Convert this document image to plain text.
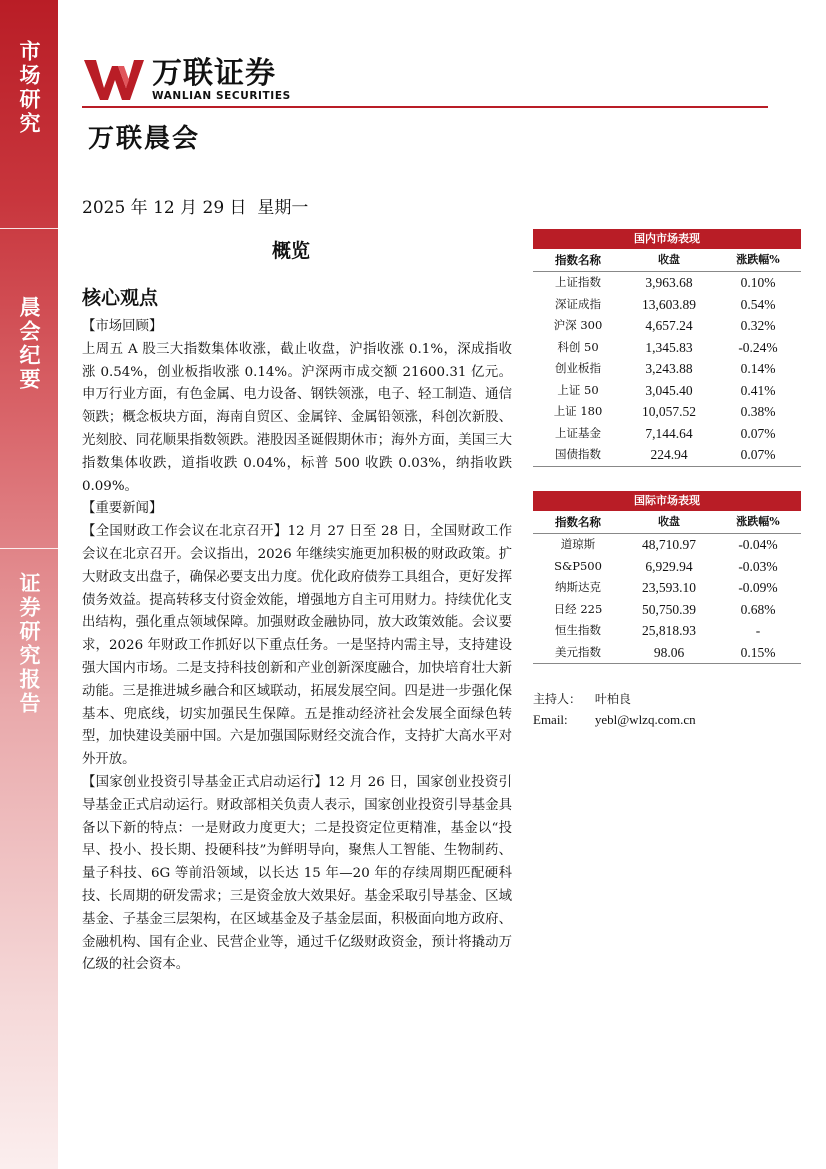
市场研究
晨会纪要
证券研究报告
万联证券
WANLIAN SECURITIES
万联晨会
2025 年 12 月 29 日  星期一
概览
核心观点

【市场回顾】

上周五 A 股三大指数集体收涨，截止收盘，沪指收涨 0.1%，深成指收涨 0.54%，创业板指收涨 0.14%。沪深两市成交额 21600.31 亿元。申万行业方面，有色金属、电力设备、钢铁领涨，电子、轻工制造、通信领跌；概念板块方面，海南自贸区、金属锌、金属铅领涨，科创次新股、光刻胶、同花顺果指数领跌。港股因圣诞假期休市；海外方面，美国三大指数集体收跌，道指收跌 0.04%，标普 500 收跌 0.03%，纳指收跌 0.09%。

【重要新闻】

【全国财政工作会议在北京召开】12 月 27 日至 28 日，全国财政工作会议在北京召开。会议指出，2026 年继续实施更加积极的财政政策。扩大财政支出盘子，确保必要支出力度。优化政府债券工具组合，更好发挥债务效益。提高转移支付资金效能，增强地方自主可用财力。持续优化支出结构，强化重点领域保障。加强财政金融协同，放大政策效能。会议要求，2026 年财政工作抓好以下重点任务。一是坚持内需主导，支持建设强大国内市场。二是支持科技创新和产业创新深度融合，加快培育壮大新动能。三是推进城乡融合和区域联动，拓展发展空间。四是进一步强化保基本、兜底线，切实加强民生保障。五是推动经济社会发展全面绿色转型，加快建设美丽中国。六是加强国际财经交流合作，支持扩大高水平对外开放。

【国家创业投资引导基金正式启动运行】12 月 26 日，国家创业投资引导基金正式启动运行。财政部相关负责人表示，国家创业投资引导基金具备以下新的特点：一是财政力度更大；二是投资定位更精准，基金以“投早、投小、投长期、投硬科技”为鲜明导向，聚焦人工智能、生物制药、量子科技、6G 等前沿领域，以长达 15 年—20 年的存续周期匹配硬科技、长周期的研发需求；三是资金放大效果好。基金采取引导基金、区域基金、子基金三层架构，在区域基金及子基金层面，积极面向地方政府、金融机构、国有企业、民营企业等，通过千亿级财政资金，预计将撬动万亿级的社会资本。

国内市场表现
指数名称	收盘	涨跌幅%
上证指数	3,963.68	0.10%
深证成指	13,603.89	0.54%
沪深 300	4,657.24	0.32%
科创 50	1,345.83	-0.24%
创业板指	3,243.88	0.14%
上证 50	3,045.40	0.41%
上证 180	10,057.52	0.38%
上证基金	7,144.64	0.07%
国债指数	224.94	0.07%
国际市场表现
指数名称	收盘	涨跌幅%
道琼斯	48,710.97	-0.04%
S&P500	6,929.94	-0.03%
纳斯达克	23,593.10	-0.09%
日经 225	50,750.39	0.68%
恒生指数	25,818.93	-
美元指数	98.06	0.15%
主持人： 叶柏良
Email: yebl@wlzq.com.cn
